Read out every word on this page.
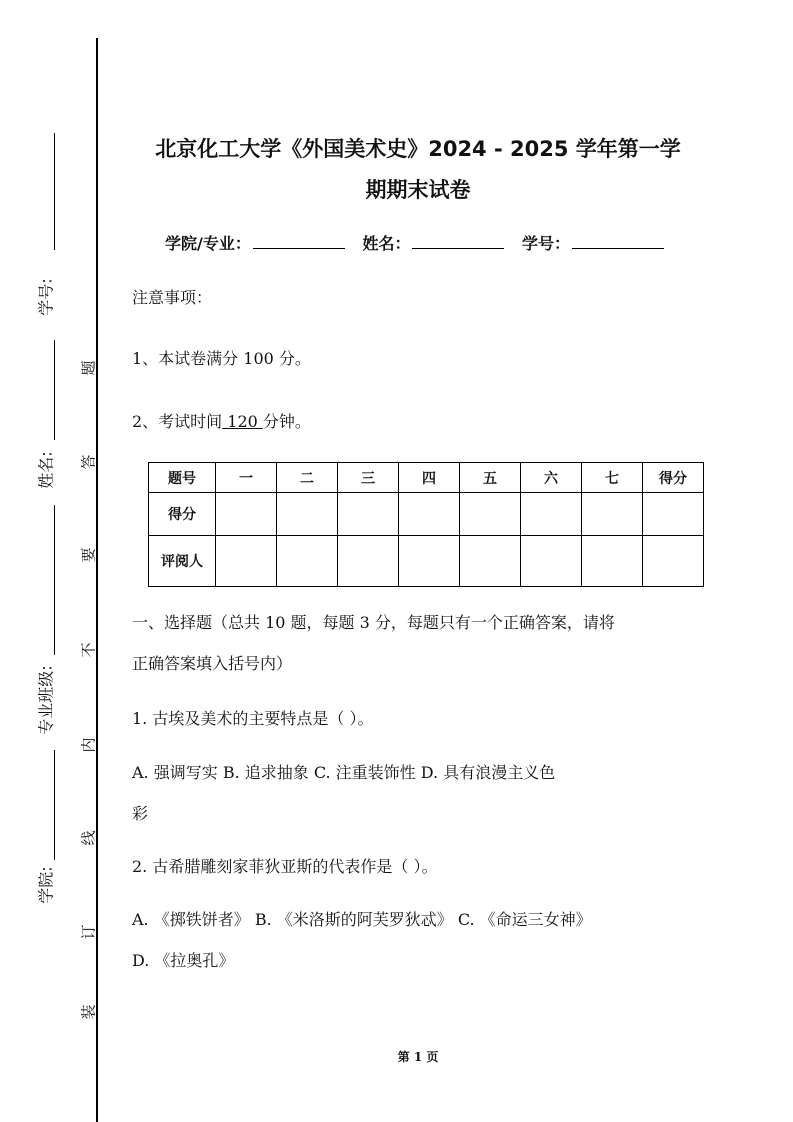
学号:
姓名:
专业班级:
学院:
题
答
要
不
内
线
订
装
北京化工大学《外国美术史》2024 - 2025 学年第一学
期期末试卷
学院/专业：	姓名：	学号：
注意事项：
1、本试卷满分 100 分。
2、考试时间 120 分钟。
题号	一	二	三	四	五	六	七	得分
得分								
评阅人								
一、选择题（总共 10 题，每题 3 分，每题只有一个正确答案，请将
正确答案填入括号内）
1. 古埃及美术的主要特点是（ ）。
A. 强调写实 B. 追求抽象 C. 注重装饰性 D. 具有浪漫主义色
彩
2. 古希腊雕刻家菲狄亚斯的代表作是（ ）。
A. 《掷铁饼者》 B. 《米洛斯的阿芙罗狄忒》 C. 《命运三女神》
D. 《拉奥孔》
第 1 页
